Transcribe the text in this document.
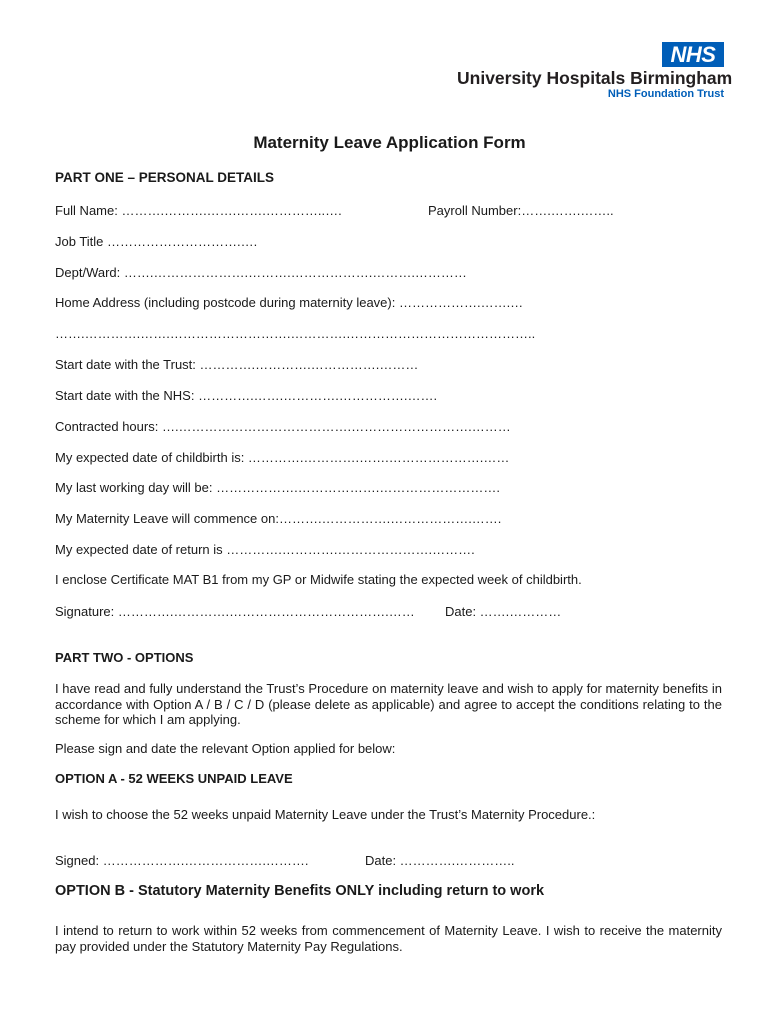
NHS
University Hospitals Birmingham
NHS Foundation Trust
Maternity Leave Application Form
PART ONE – PERSONAL DETAILS
Full Name: ……….……….…….…….…………..….	Payroll Number:…….…….……..
Job Title ………………………….….
Dept/Ward: …….………………….……….……………….……….…………
Home Address (including postcode during maternity leave): ……………….…….…
…….………….…….……………………….………….……………………………………..
Start date with the Trust: ………….………….…………….………
Start date with the NHS: ………….…….………….…………….…….
Contracted hours: ….………………………………….……………………….………
My expected date of childbirth is: ………….………….…….………………….……
My last working day will be: ……………….……………….……………………….
My Maternity Leave will commence on:……….…………….……………….…….
My expected date of return is ………….………….………………….……….
I enclose Certificate MAT B1 from my GP or Midwife stating the expected week of childbirth.
Signature: ………….………….……………………………….…… Date: …….…………
PART TWO - OPTIONS
I have read and fully understand the Trust’s Procedure on maternity leave and wish to apply for maternity benefits in accordance with Option A / B / C / D (please delete as applicable) and agree to accept the conditions relating to the scheme for which I am applying.
Please sign and date the relevant Option applied for below:
OPTION A - 52 WEEKS UNPAID LEAVE
I wish to choose the 52 weeks unpaid Maternity Leave under the Trust’s Maternity Procedure.:
Signed: ……………….……………….……….	Date: ………….…………..
OPTION B - Statutory Maternity Benefits ONLY including return to work
I intend to return to work within 52 weeks from commencement of Maternity Leave. I wish to receive the maternity pay provided under the Statutory Maternity Pay Regulations.
